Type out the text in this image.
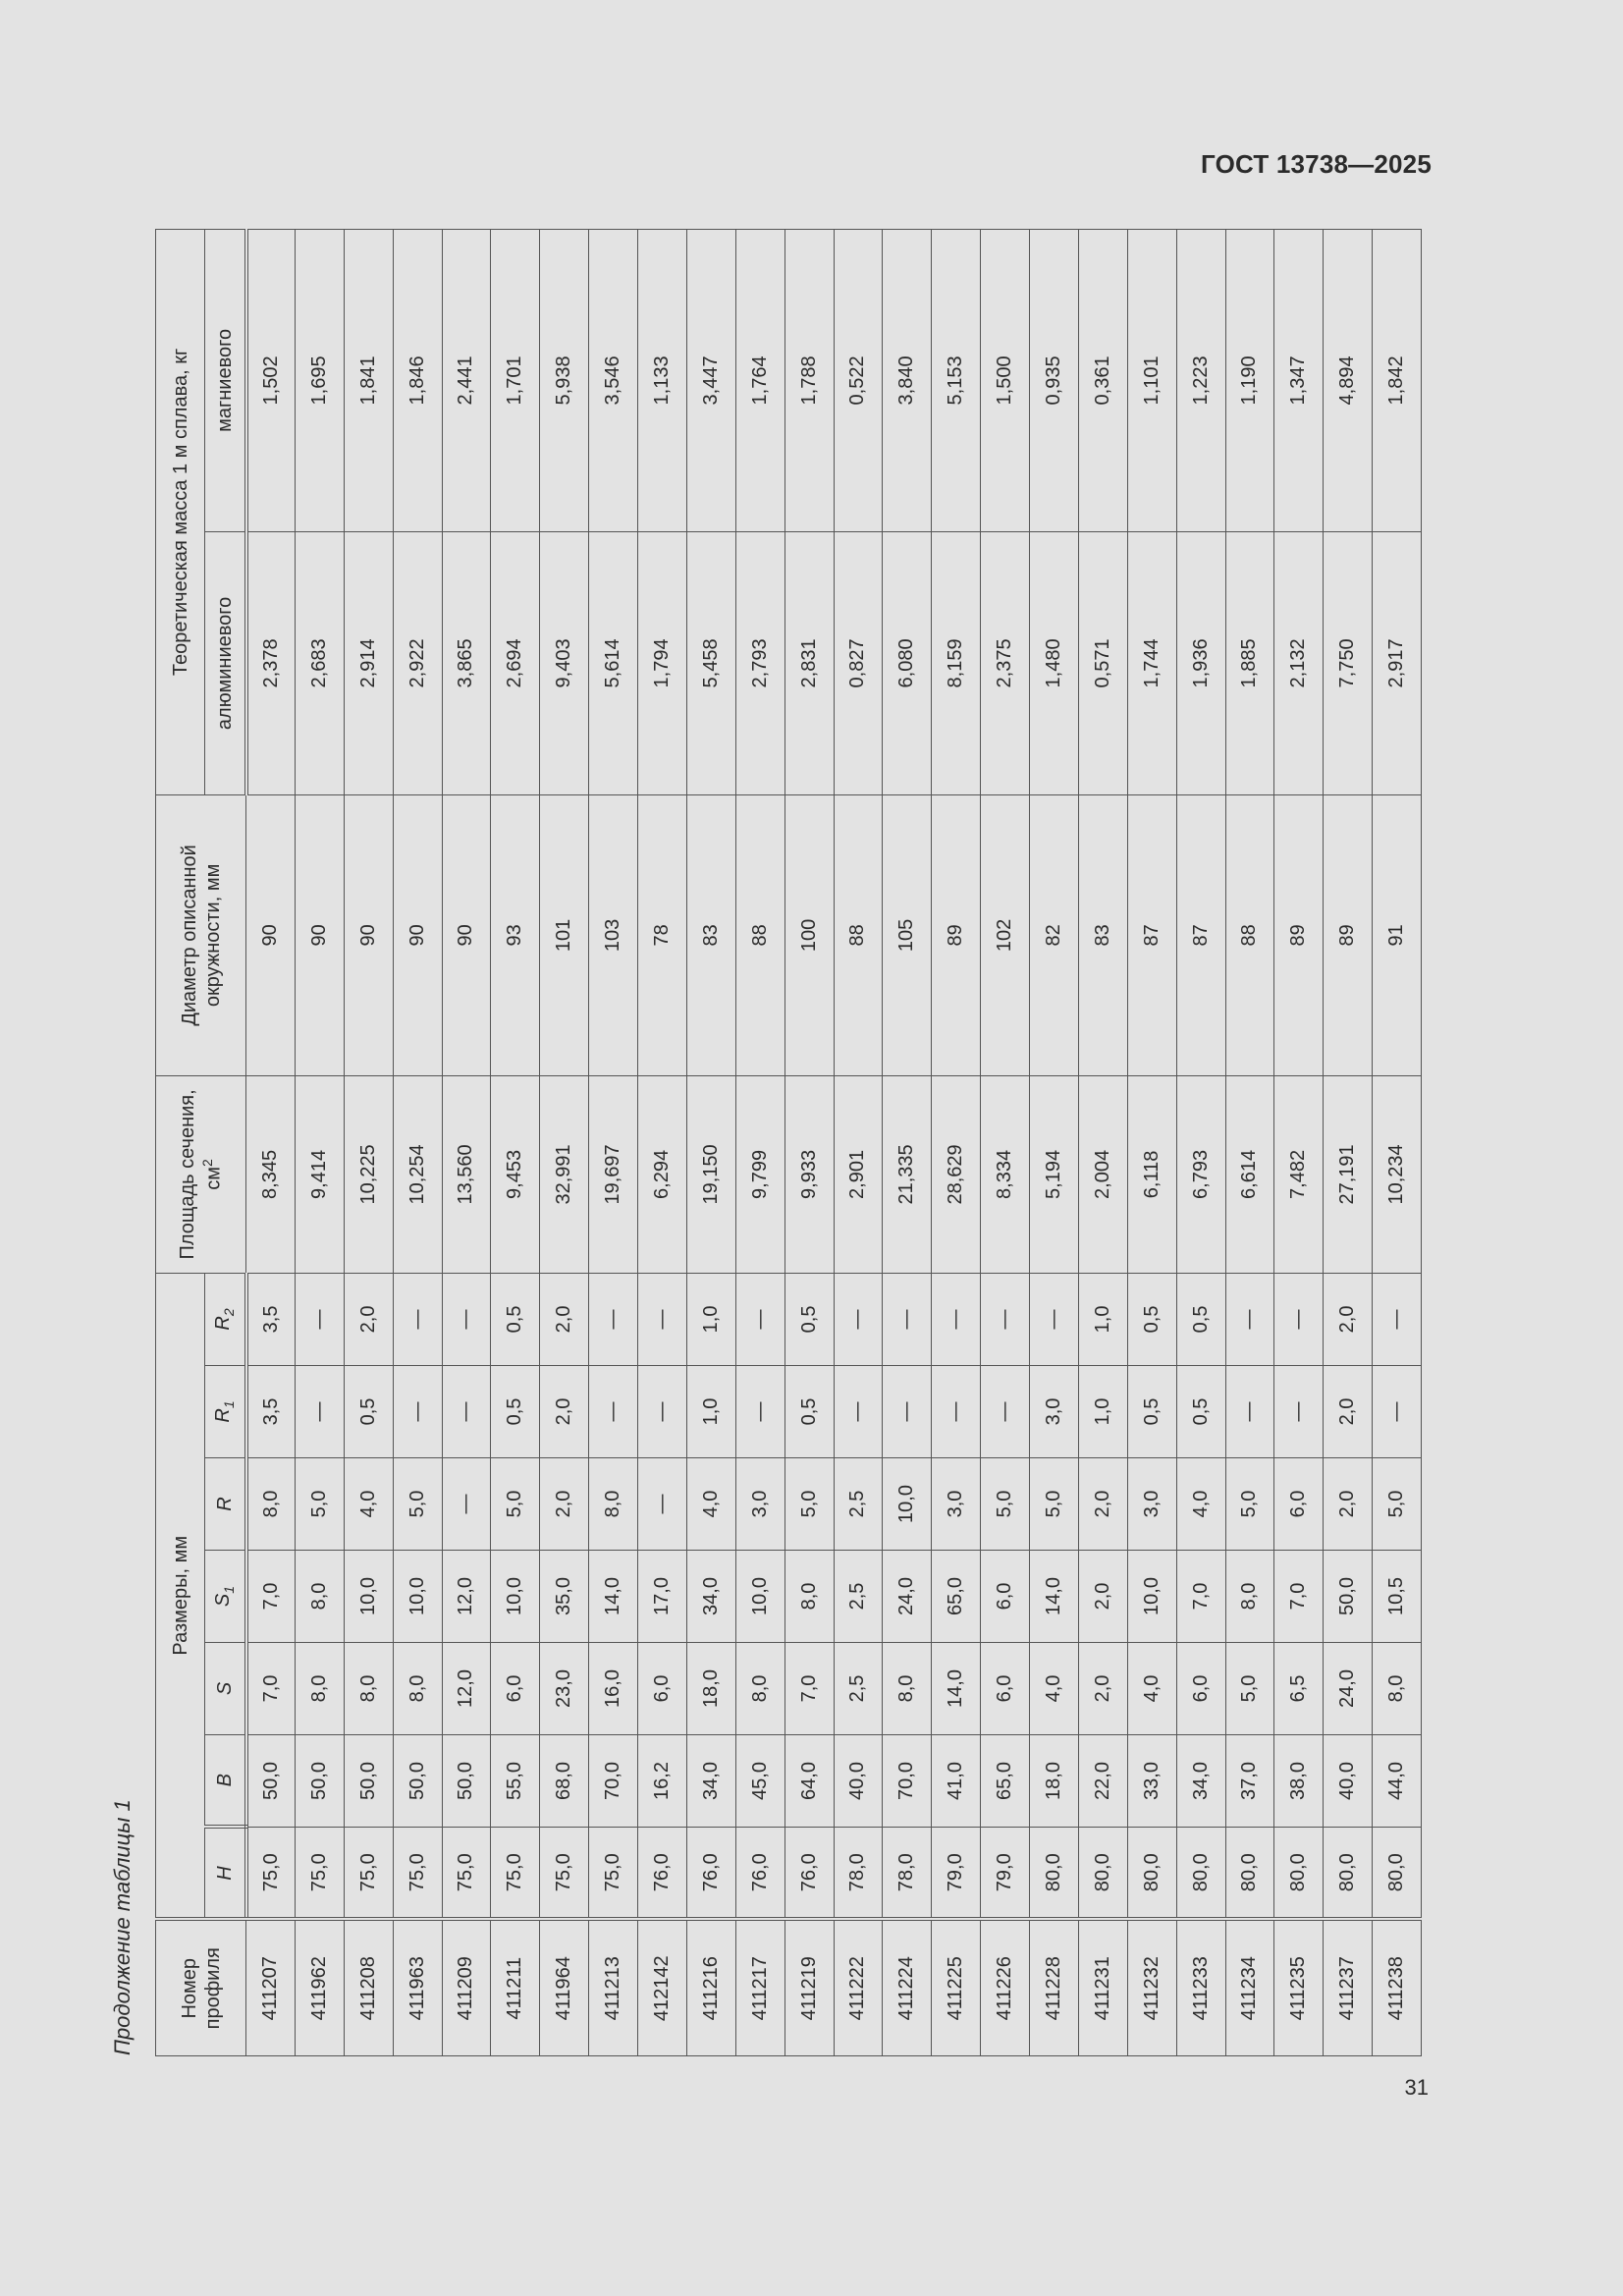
ГОСТ 13738—2025
Продолжение таблицы 1 Номер профиля	Размеры, мм							Площадь сечения, $см^2$	Диаметр описанной окружности, мм	Теоретическая масса 1 м сплава, кг	
	H	B	S	$S_1$	R	$R_1$	$R_2$			алюминиевого	магниевого
411207	75,0	50,0	7,0	7,0	8,0	3,5	3,5	8,345	90	2,378	1,502
411962	75,0	50,0	8,0	8,0	5,0	—	—	9,414	90	2,683	1,695
411208	75,0	50,0	8,0	10,0	4,0	0,5	2,0	10,225	90	2,914	1,841
411963	75,0	50,0	8,0	10,0	5,0	—	—	10,254	90	2,922	1,846
411209	75,0	50,0	12,0	12,0	—	—	—	13,560	90	3,865	2,441
411211	75,0	55,0	6,0	10,0	5,0	0,5	0,5	9,453	93	2,694	1,701
411964	75,0	68,0	23,0	35,0	2,0	2,0	2,0	32,991	101	9,403	5,938
411213	75,0	70,0	16,0	14,0	8,0	—	—	19,697	103	5,614	3,546
412142	76,0	16,2	6,0	17,0	—	—	—	6,294	78	1,794	1,133
411216	76,0	34,0	18,0	34,0	4,0	1,0	1,0	19,150	83	5,458	3,447
411217	76,0	45,0	8,0	10,0	3,0	—	—	9,799	88	2,793	1,764
411219	76,0	64,0	7,0	8,0	5,0	0,5	0,5	9,933	100	2,831	1,788
411222	78,0	40,0	2,5	2,5	2,5	—	—	2,901	88	0,827	0,522
411224	78,0	70,0	8,0	24,0	10,0	—	—	21,335	105	6,080	3,840
411225	79,0	41,0	14,0	65,0	3,0	—	—	28,629	89	8,159	5,153
411226	79,0	65,0	6,0	6,0	5,0	—	—	8,334	102	2,375	1,500
411228	80,0	18,0	4,0	14,0	5,0	3,0	—	5,194	82	1,480	0,935
411231	80,0	22,0	2,0	2,0	2,0	1,0	1,0	2,004	83	0,571	0,361
411232	80,0	33,0	4,0	10,0	3,0	0,5	0,5	6,118	87	1,744	1,101
411233	80,0	34,0	6,0	7,0	4,0	0,5	0,5	6,793	87	1,936	1,223
411234	80,0	37,0	5,0	8,0	5,0	—	—	6,614	88	1,885	1,190
411235	80,0	38,0	6,5	7,0	6,0	—	—	7,482	89	2,132	1,347
411237	80,0	40,0	24,0	50,0	2,0	2,0	2,0	27,191	89	7,750	4,894
411238	80,0	44,0	8,0	10,5	5,0	—	—	10,234	91	2,917	1,842
31
